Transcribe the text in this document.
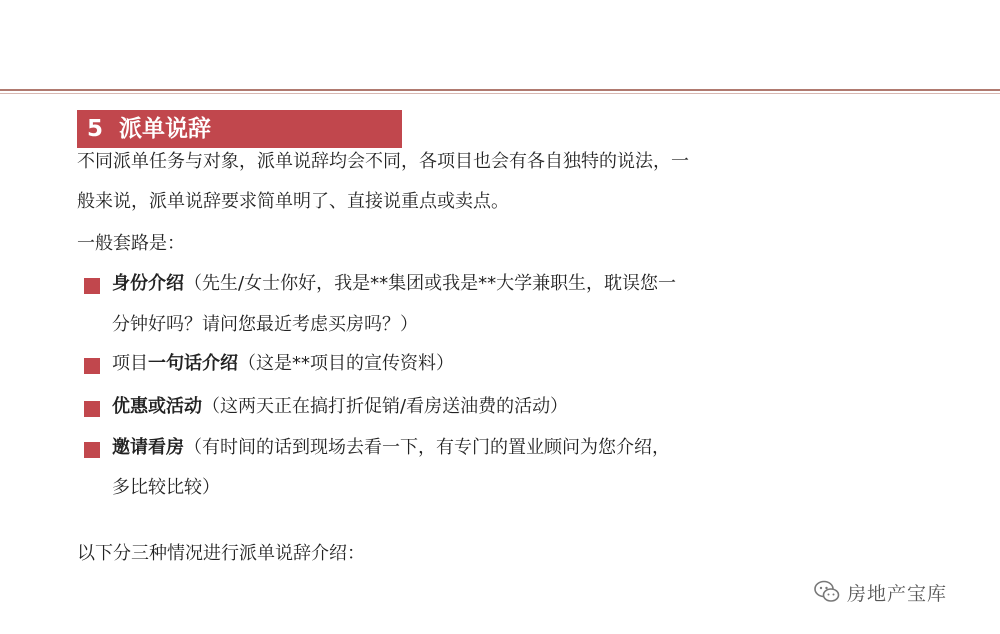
5 派单说辞
不同派单任务与对象，派单说辞均会不同，各项目也会有各自独特的说法，一
般来说，派单说辞要求简单明了、直接说重点或卖点。
一般套路是：
身份介绍（先生/女士你好，我是**集团或我是**大学兼职生，耽误您一
分钟好吗？请问您最近考虑买房吗？）
项目一句话介绍（这是**项目的宣传资料）
优惠或活动（这两天正在搞打折促销/看房送油费的活动）
邀请看房（有时间的话到现场去看一下，有专门的置业顾问为您介绍，
多比较比较）
以下分三种情况进行派单说辞介绍：
房地产宝库
